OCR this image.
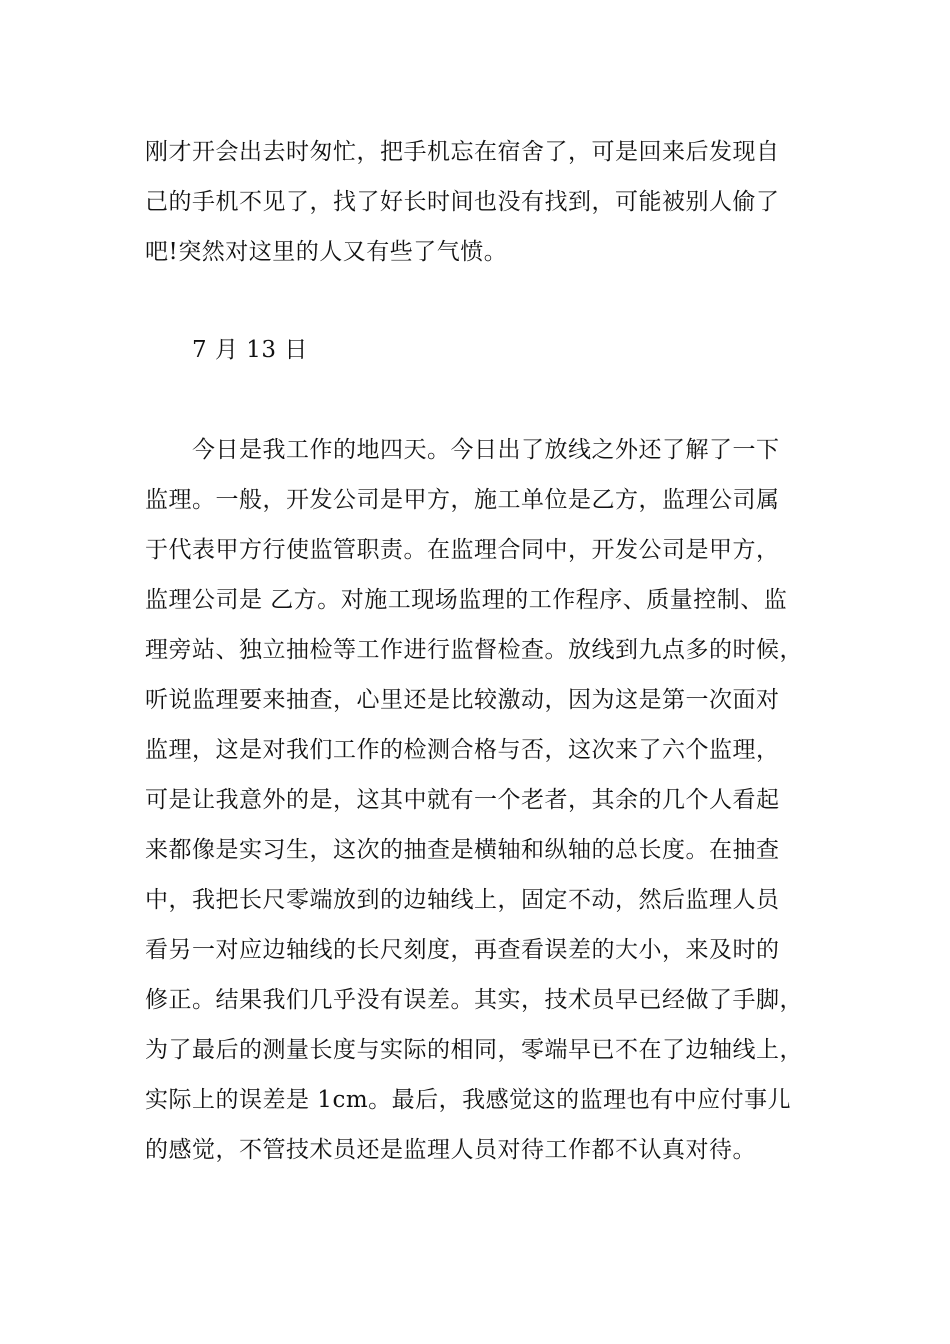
刚才开会出去时匆忙，把手机忘在宿舍了，可是回来后发现自
己的手机不见了，找了好长时间也没有找到，可能被别人偷了
吧!突然对这里的人又有些了气愤。
7 月 13 日
今日是我工作的地四天。今日出了放线之外还了解了一下
监理。一般，开发公司是甲方，施工单位是乙方，监理公司属
于代表甲方行使监管职责。在监理合同中，开发公司是甲方，
监理公司是 乙方。对施工现场监理的工作程序、质量控制、监
理旁站、独立抽检等工作进行监督检查。放线到九点多的时候，
听说监理要来抽查，心里还是比较激动，因为这是第一次面对
监理，这是对我们工作的检测合格与否，这次来了六个监理，
可是让我意外的是，这其中就有一个老者，其余的几个人看起
来都像是实习生，这次的抽查是横轴和纵轴的总长度。在抽查
中，我把长尺零端放到的边轴线上，固定不动，然后监理人员
看另一对应边轴线的长尺刻度，再查看误差的大小，来及时的
修正。结果我们几乎没有误差。其实，技术员早已经做了手脚，
为了最后的测量长度与实际的相同，零端早已不在了边轴线上，
实际上的误差是 1cm。最后，我感觉这的监理也有中应付事儿
的感觉，不管技术员还是监理人员对待工作都不认真对待。
